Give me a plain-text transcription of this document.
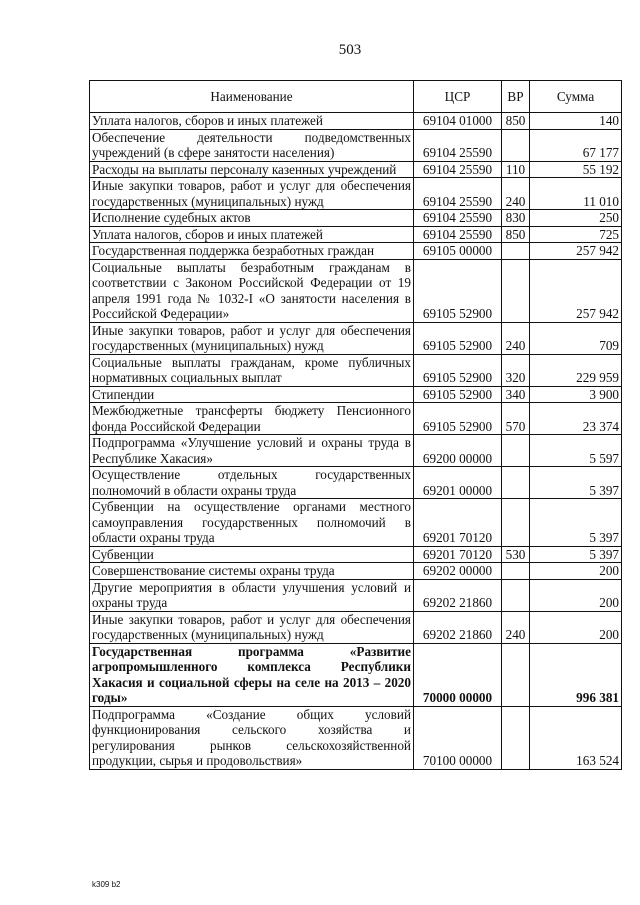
503
Наименование	ЦСР	ВР	Сумма
Уплата налогов, сборов и иных платежей	69104 01000	850	140
Обеспечение деятельности подведомственных учреждений (в сфере занятости населения)	69104 25590		67 177
Расходы на выплаты персоналу казенных учреждений	69104 25590	110	55 192
Иные закупки товаров, работ и услуг для обеспечения государственных (муниципальных) нужд	69104 25590	240	11 010
Исполнение судебных актов	69104 25590	830	250
Уплата налогов, сборов и иных платежей	69104 25590	850	725
Государственная поддержка безработных граждан	69105 00000		257 942
Социальные выплаты безработным гражданам в соответствии с Законом Российской Федерации от 19 апреля 1991 года № 1032-I «О занятости населения в Российской Федерации»	69105 52900		257 942
Иные закупки товаров, работ и услуг для обеспечения государственных (муниципальных) нужд	69105 52900	240	709
Социальные выплаты гражданам, кроме публичных нормативных социальных выплат	69105 52900	320	229 959
Стипендии	69105 52900	340	3 900
Межбюджетные трансферты бюджету Пенсионного фонда Российской Федерации	69105 52900	570	23 374
Подпрограмма «Улучшение условий и охраны труда в Республике Хакасия»	69200 00000		5 597
Осуществление отдельных государственных полномочий в области охраны труда	69201 00000		5 397
Субвенции на осуществление органами местного самоуправления государственных полномочий в области охраны труда	69201 70120		5 397
Субвенции	69201 70120	530	5 397
Совершенствование системы охраны труда	69202 00000		200
Другие мероприятия в области улучшения условий и охраны труда	69202 21860		200
Иные закупки товаров, работ и услуг для обеспечения государственных (муниципальных) нужд	69202 21860	240	200
Государственная программа «Развитие агропромышленного комплекса Республики Хакасия и социальной сферы на селе на 2013 – 2020 годы»	70000 00000		996 381
Подпрограмма «Создание общих условий функционирования сельского хозяйства и регулирования рынков сельскохозяйственной продукции, сырья и продовольствия»	70100 00000		163 524
k309 b2
